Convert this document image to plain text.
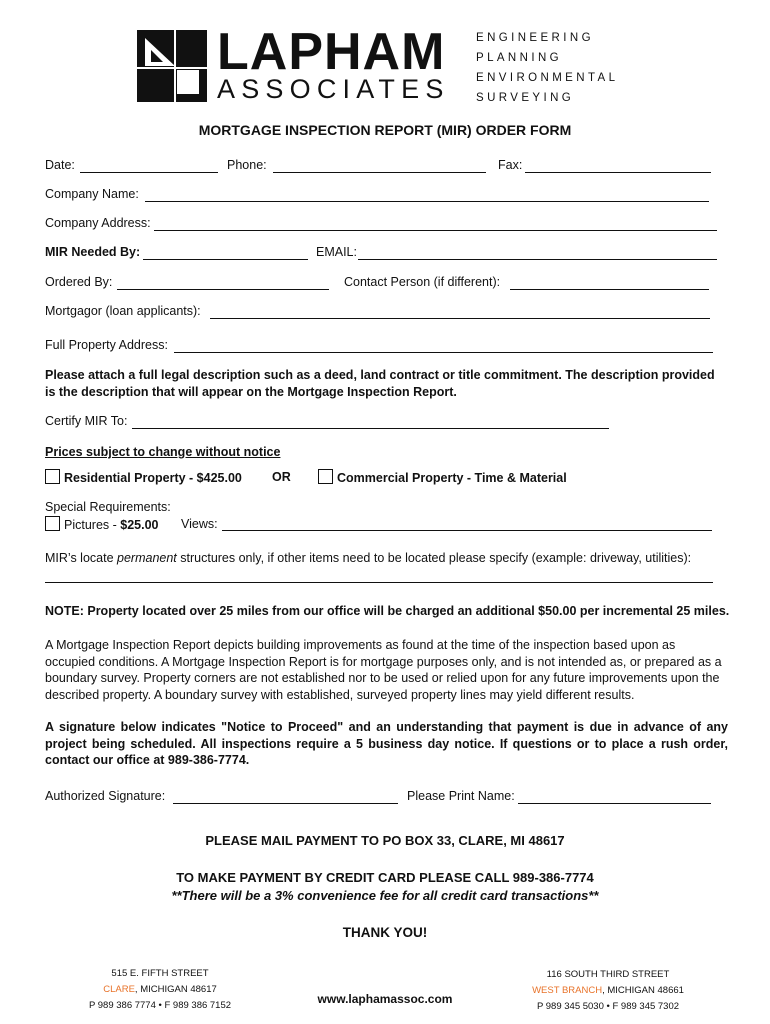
LAPHAM
ASSOCIATES
ENGINEERING
PLANNING
ENVIRONMENTAL
SURVEYING
MORTGAGE INSPECTION REPORT (MIR) ORDER FORM
Date:	Phone:	Fax:
Company Name:
Company Address:
MIR Needed By:	EMAIL:
Ordered By:	Contact Person (if different):
Mortgagor (loan applicants):
Full Property Address:
Please attach a full legal description such as a deed, land contract or title commitment. The description provided is the description that will appear on the Mortgage Inspection Report.
Certify MIR To:
Prices subject to change without notice
Residential Property - $425.00 OR	Commercial Property - Time & Material
Special Requirements:
Pictures - $25.00 Views:
MIR’s locate permanent structures only, if other items need to be located please specify (example: driveway, utilities):
NOTE: Property located over 25 miles from our office will be charged an additional $50.00 per incremental 25 miles.
A Mortgage Inspection Report depicts building improvements as found at the time of the inspection based upon as occupied conditions. A Mortgage Inspection Report is for mortgage purposes only, and is not intended as, or prepared as a boundary survey. Property corners are not established nor to be used or relied upon for any future improvements upon the described property. A boundary survey with established, surveyed property lines may yield different results.
A signature below indicates "Notice to Proceed" and an understanding that payment is due in advance of any project being scheduled. All inspections require a 5 business day notice. If questions or to place a rush order, contact our office at 989-386-7774.
Authorized Signature:	Please Print Name:
PLEASE MAIL PAYMENT TO PO BOX 33, CLARE, MI 48617
TO MAKE PAYMENT BY CREDIT CARD PLEASE CALL 989-386-7774
**There will be a 3% convenience fee for all credit card transactions**
THANK YOU!
515 E. FIFTH STREET
CLARE, MICHIGAN 48617
P 989 386 7774 • F 989 386 7152	www.laphamassoc.com
116 SOUTH THIRD STREET
WEST BRANCH, MICHIGAN 48661
P 989 345 5030 • F 989 345 7302
